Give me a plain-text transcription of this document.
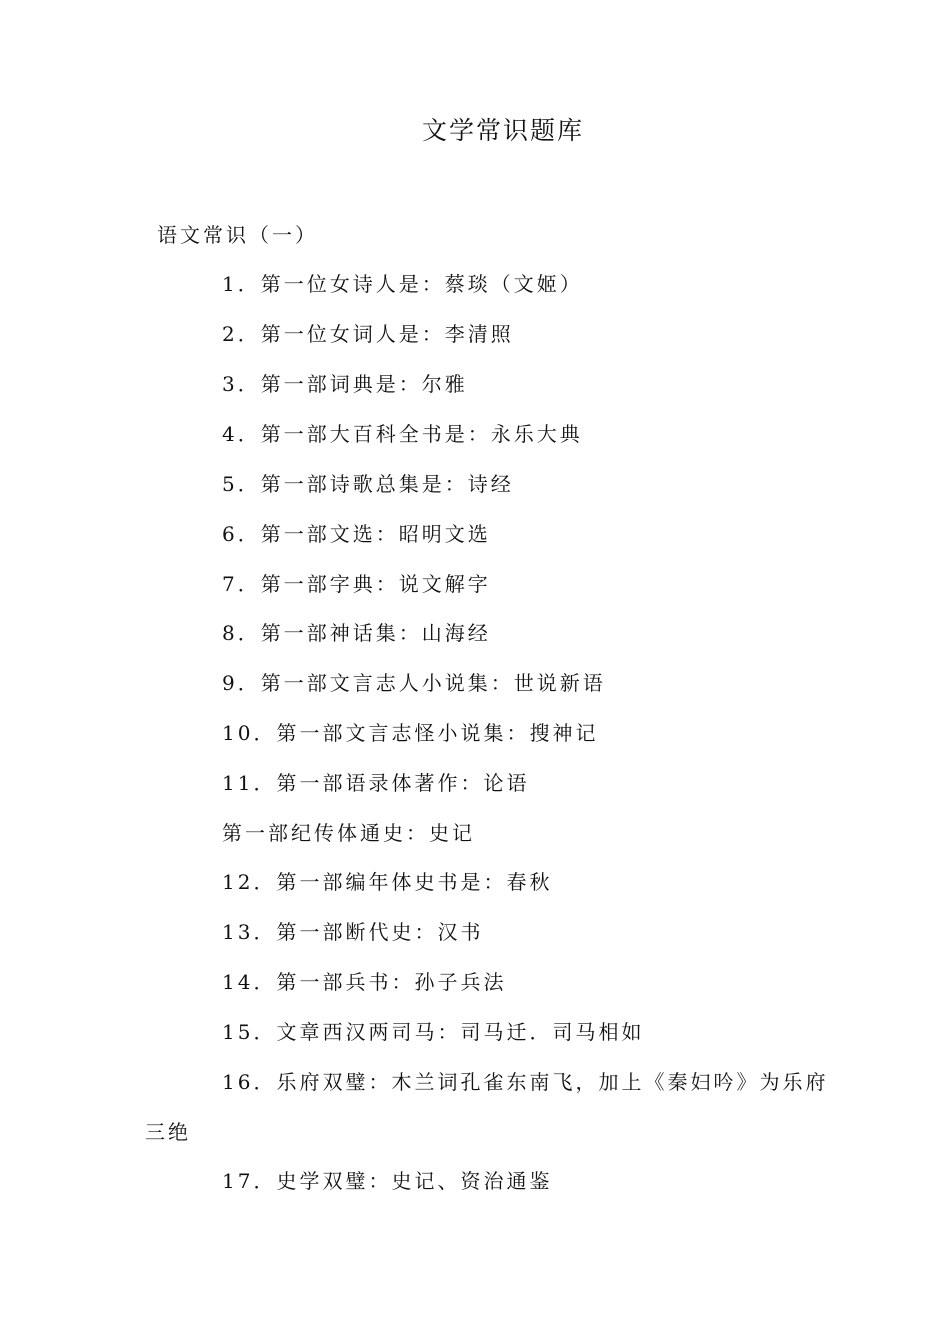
文学常识题库
语文常识（一）
1．第一位女诗人是：蔡琰（文姬）
2．第一位女词人是：李清照
3．第一部词典是：尔雅
4．第一部大百科全书是：永乐大典
5．第一部诗歌总集是：诗经
6．第一部文选：昭明文选
7．第一部字典：说文解字
8．第一部神话集：山海经
9．第一部文言志人小说集：世说新语
10．第一部文言志怪小说集：搜神记
11．第一部语录体著作：论语
第一部纪传体通史：史记
12．第一部编年体史书是：春秋
13．第一部断代史：汉书
14．第一部兵书：孙子兵法
15．文章西汉两司马：司马迁．司马相如
16．乐府双璧：木兰词孔雀东南飞，加上《秦妇吟》为乐府
三绝
17．史学双璧：史记、资治通鉴
